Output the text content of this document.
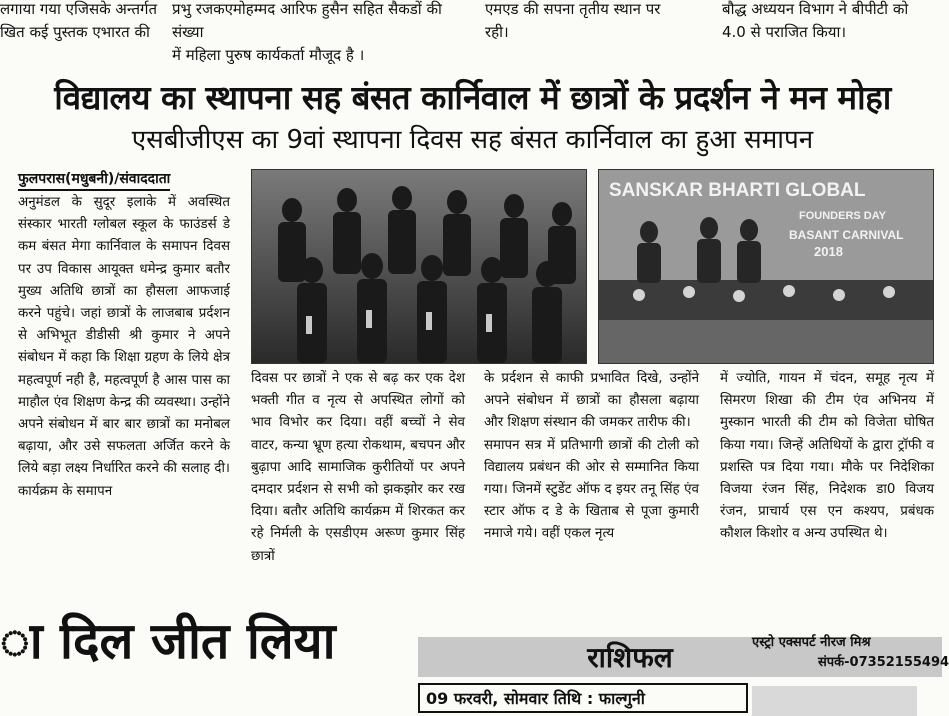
लगाया गया एजिसके अन्तर्गत
खित कई पुस्तक एभारत की
प्रभु रजकएमोहम्मद आरिफ हुसैन सहित सैकडों की संख्या
में महिला पुरुष कार्यकर्ता मौजूद है ।
एमएड की सपना तृतीय स्थान पर
रही।
बौद्ध अध्ययन विभाग ने बीपीटी को
4.0 से पराजित किया।
विद्यालय का स्थापना सह बंसत कार्निवाल में छात्रों के प्रदर्शन ने मन मोहा
एसबीजीएस का 9वां स्थापना दिवस सह बंसत कार्निवाल का हुआ समापन
फुलपरास(मधुबनी)/संवाददाता
अनुमंडल के सुदूर इलाके में अवस्थित संस्कार भारती ग्लोबल स्कूल के फाउंडर्स डे कम बंसत मेगा कार्निवाल के समापन दिवस पर उप विकास आयूक्त धमेन्द्र कुमार बतौर मुख्य अतिथि छात्रों का हौसला आफजाई करने पहुंचे। जहां छात्रों के लाजबाब प्रर्दशन से अभिभूत डीडीसी श्री कुमार ने अपने संबोधन में कहा कि शिक्षा ग्रहण के लिये क्षेत्र महत्वपूर्ण नही है, महत्वपूर्ण है आस पास का माहौल एंव शिक्षण केन्द्र की व्यवस्था। उन्होंने अपने संबोधन में बार बार छात्रों का मनोबल बढ़ाया, और उसे सफलता अर्जित करने के लिये बड़ा लक्ष्य निर्धारित करने की सलाह दी। कार्यक्रम के समापन
दिवस पर छात्रों ने एक से बढ़ कर एक देश भक्ती गीत व नृत्य से अपस्थित लोगों को भाव विभोर कर दिया। वहीं बच्चों ने सेव वाटर, कन्या भ्रूण हत्या रोकथाम, बचपन और बुढ़ापा आदि सामाजिक कुरीतियों पर अपने दमदार प्रर्दशन से सभी को झकझोर कर रख दिया। बतौर अतिथि कार्यक्रम में शिरकत कर रहे निर्मली के एसडीएम अरूण कुमार सिंह छात्रों
के प्रर्दशन से काफी प्रभावित दिखे, उन्होंने अपने संबोधन में छात्रों का हौसला बढ़ाया और शिक्षण संस्थान की जमकर तारीफ की।
समापन सत्र में प्रतिभागी छात्रों की टोली को विद्यालय प्रबंधन की ओर से सम्मानित किया गया। जिनमें स्टुडेंट ऑफ द इयर तनू सिंह एंव स्टार ऑफ द डे के खिताब से पूजा कुमारी नमाजे गये। वहीं एकल नृत्य
में ज्योति, गायन में चंदन, समूह नृत्य में सिमरण शिखा की टीम एंव अभिनय में मुस्कान भारती की टीम को विजेता घोषित किया गया। जिन्हें अतिथियों के द्वारा ट्रॉफी व प्रशस्ति पत्र दिया गया। मौके पर निदेशिका विजया रंजन सिंह, निदेशक डा0 विजय रंजन, प्राचार्य एस एन कश्यप, प्रबंधक कौशल किशोर व अन्य उपस्थित थे।
SANSKAR BHARTI GLOBAL
FOUNDERS DAY
BASANT CARNIVAL
2018
ा दिल जीत लिया	राशिफल	एस्ट्रो एक्सपर्ट नीरज मिश्र
संपर्क-07352155494
09 फरवरी, सोमवार तिथि : फाल्गुनी
